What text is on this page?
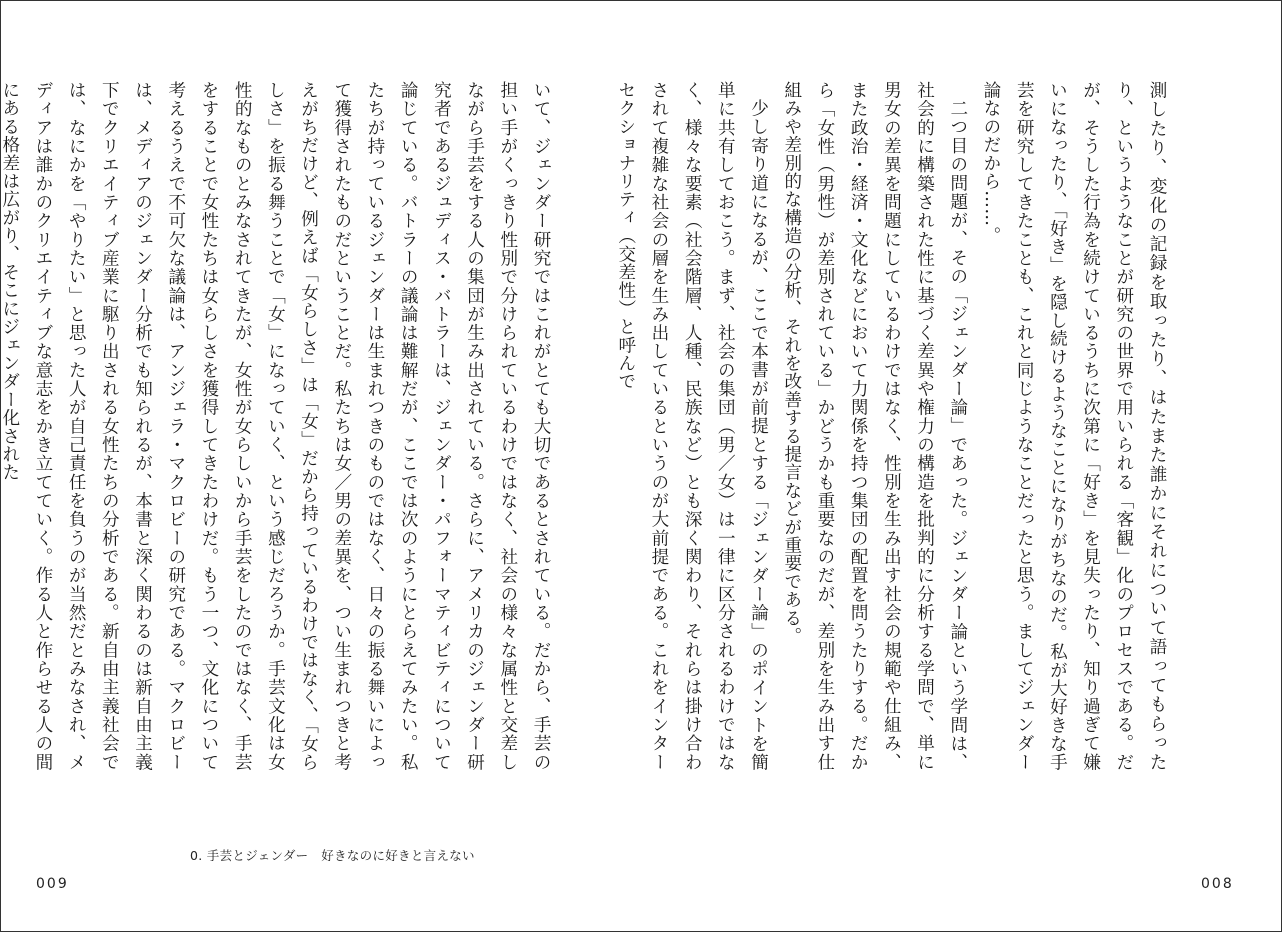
いて、ジェンダー研究ではこれがとても大切であるとされている。だから、手芸の担い手がくっきり性別で分けられているわけではなく、社会の様々な属性と交差しながら手芸をする人の集団が生み出されている。さらに、アメリカのジェンダー研究者であるジュディス・バトラーは、ジェンダー・パフォーマティビティについて論じている。バトラーの議論は難解だが、ここでは次のようにとらえてみたい。私たちが持っているジェンダーは生まれつきのものではなく、日々の振る舞いによって獲得されたものだということだ。私たちは女／男の差異を、つい生まれつきと考えがちだけど、例えば「女らしさ」は「女」だから持っているわけではなく、「女らしさ」を振る舞うことで「女」になっていく、という感じだろうか。手芸文化は女性的なものとみなされてきたが、女性が女らしいから手芸をしたのではなく、手芸をすることで女性たちは女らしさを獲得してきたわけだ。もう一つ、文化について考えるうえで不可欠な議論は、アンジェラ・マクロビーの研究である。マクロビーは、メディアのジェンダー分析でも知られるが、本書と深く関わるのは新自由主義下でクリエイティブ産業に駆り出される女性たちの分析である。新自由主義社会では、なにかを「やりたい」と思った人が自己責任を負うのが当然だとみなされ、メディアは誰かのクリエイティブな意志をかき立てていく。作る人と作らせる人の間にある格差は広がり、そこにジェンダー化された

0. 手芸とジェンダー　好きなのに好きと言えない
009

測したり、変化の記録を取ったり、はたまた誰かにそれについて語ってもらったり、というようなことが研究の世界で用いられる「客観」化のプロセスである。だが、そうした行為を続けているうちに次第に「好き」を見失ったり、知り過ぎて嫌いになったり、「好き」を隠し続けるようなことになりがちなのだ。私が大好きな手芸を研究してきたことも、これと同じようなことだったと思う。ましてジェンダー論なのだから……。

二つ目の問題が、その「ジェンダー論」であった。ジェンダー論という学問は、社会的に構築された性に基づく差異や権力の構造を批判的に分析する学問で、単に男女の差異を問題にしているわけではなく、性別を生み出す社会の規範や仕組み、また政治・経済・文化などにおいて力関係を持つ集団の配置を問うたりする。だから「女性（男性）が差別されている」かどうかも重要なのだが、差別を生み出す仕組みや差別的な構造の分析、それを改善する提言などが重要である。

少し寄り道になるが、ここで本書が前提とする「ジェンダー論」のポイントを簡単に共有しておこう。まず、社会の集団（男／女）は一律に区分されるわけではなく、様々な要素（社会階層、人種、民族など）とも深く関わり、それらは掛け合わされて複雑な社会の層を生み出しているというのが大前提である。これをインターセクショナリティ（交差性）と呼んで

008
